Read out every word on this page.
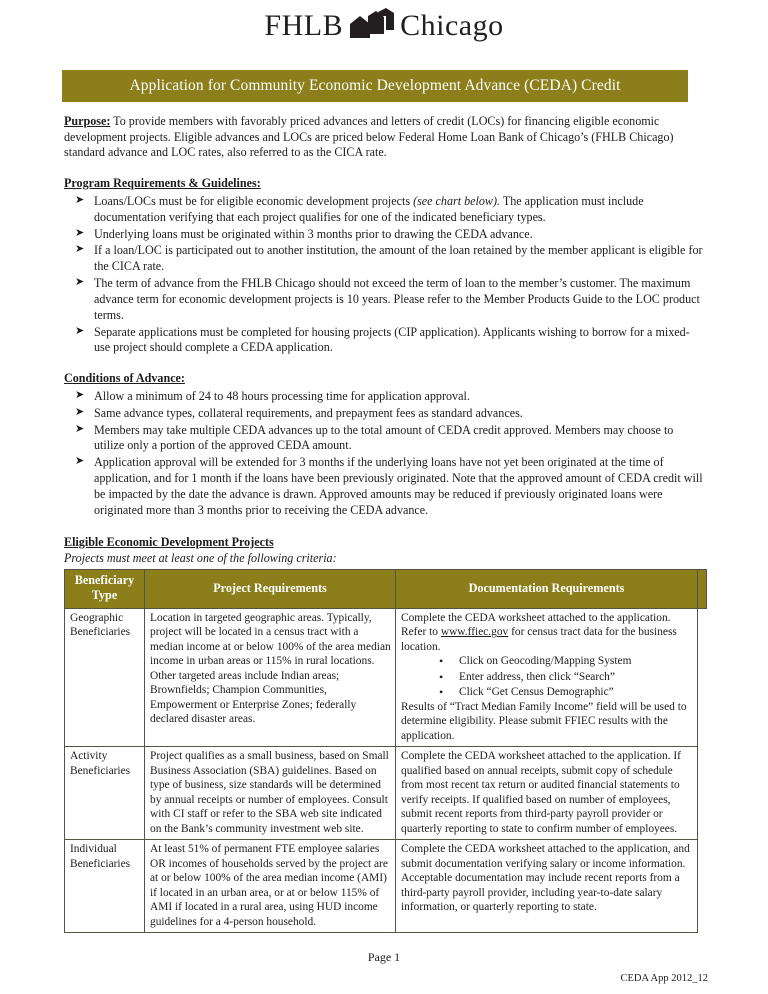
FHLB Chicago
Application for Community Economic Development Advance (CEDA) Credit

Purpose: To provide members with favorably priced advances and letters of credit (LOCs) for financing eligible economic development projects. Eligible advances and LOCs are priced below Federal Home Loan Bank of Chicago’s (FHLB Chicago) standard advance and LOC rates, also referred to as the CICA rate.

Program Requirements & Guidelines:
➤ Loans/LOCs must be for eligible economic development projects (see chart below). The application must include documentation verifying that each project qualifies for one of the indicated beneficiary types.
➤ Underlying loans must be originated within 3 months prior to drawing the CEDA advance.
➤ If a loan/LOC is participated out to another institution, the amount of the loan retained by the member applicant is eligible for the CICA rate.
➤ The term of advance from the FHLB Chicago should not exceed the term of loan to the member’s customer. The maximum advance term for economic development projects is 10 years. Please refer to the Member Products Guide to the LOC product terms.
➤ Separate applications must be completed for housing projects (CIP application). Applicants wishing to borrow for a mixed-use project should complete a CEDA application.
Conditions of Advance:
➤ Allow a minimum of 24 to 48 hours processing time for application approval.
➤ Same advance types, collateral requirements, and prepayment fees as standard advances.
➤ Members may take multiple CEDA advances up to the total amount of CEDA credit approved. Members may choose to utilize only a portion of the approved CEDA amount.
➤ Application approval will be extended for 3 months if the underlying loans have not yet been originated at the time of application, and for 1 month if the loans have been previously originated. Note that the approved amount of CEDA credit will be impacted by the date the advance is drawn. Approved amounts may be reduced if previously originated loans were originated more than 3 months prior to receiving the CEDA advance.
Eligible Economic Development Projects

Projects must meet at least one of the following criteria:

Beneficiary
Type	Project Requirements	Documentation Requirements	
Geographic Beneficiaries	Location in targeted geographic areas. Typically, project will be located in a census tract with a median income at or below 100% of the area median income in urban areas or 115% in rural locations. Other targeted areas include Indian areas; Brownfields; Champion Communities, Empowerment or Enterprise Zones; federally declared disaster areas.	Complete the CEDA worksheet attached to the application. Refer to www.ffiec.gov for census tract data for the business location.
• Click on Geocoding/Mapping System
• Enter address, then click “Search”
• Click “Get Census Demographic”
Results of “Tract Median Family Income” field will be used to determine eligibility. Please submit FFIEC results with the application.	
Activity Beneficiaries	Project qualifies as a small business, based on Small Business Association (SBA) guidelines. Based on type of business, size standards will be determined by annual receipts or number of employees. Consult with CI staff or refer to the SBA web site indicated on the Bank’s community investment web site.	Complete the CEDA worksheet attached to the application. If qualified based on annual receipts, submit copy of schedule from most recent tax return or audited financial statements to verify receipts. If qualified based on number of employees, submit recent reports from third-party payroll provider or quarterly reporting to state to confirm number of employees.	
Individual Beneficiaries	At least 51% of permanent FTE employee salaries OR incomes of households served by the project are at or below 100% of the area median income (AMI) if located in an urban area, or at or below 115% of AMI if located in a rural area, using HUD income guidelines for a 4-person household.	Complete the CEDA worksheet attached to the application, and submit documentation verifying salary or income information. Acceptable documentation may include recent reports from a third-party payroll provider, including year-to-date salary information, or quarterly reporting to state.	
Page 1
CEDA App 2012_12
